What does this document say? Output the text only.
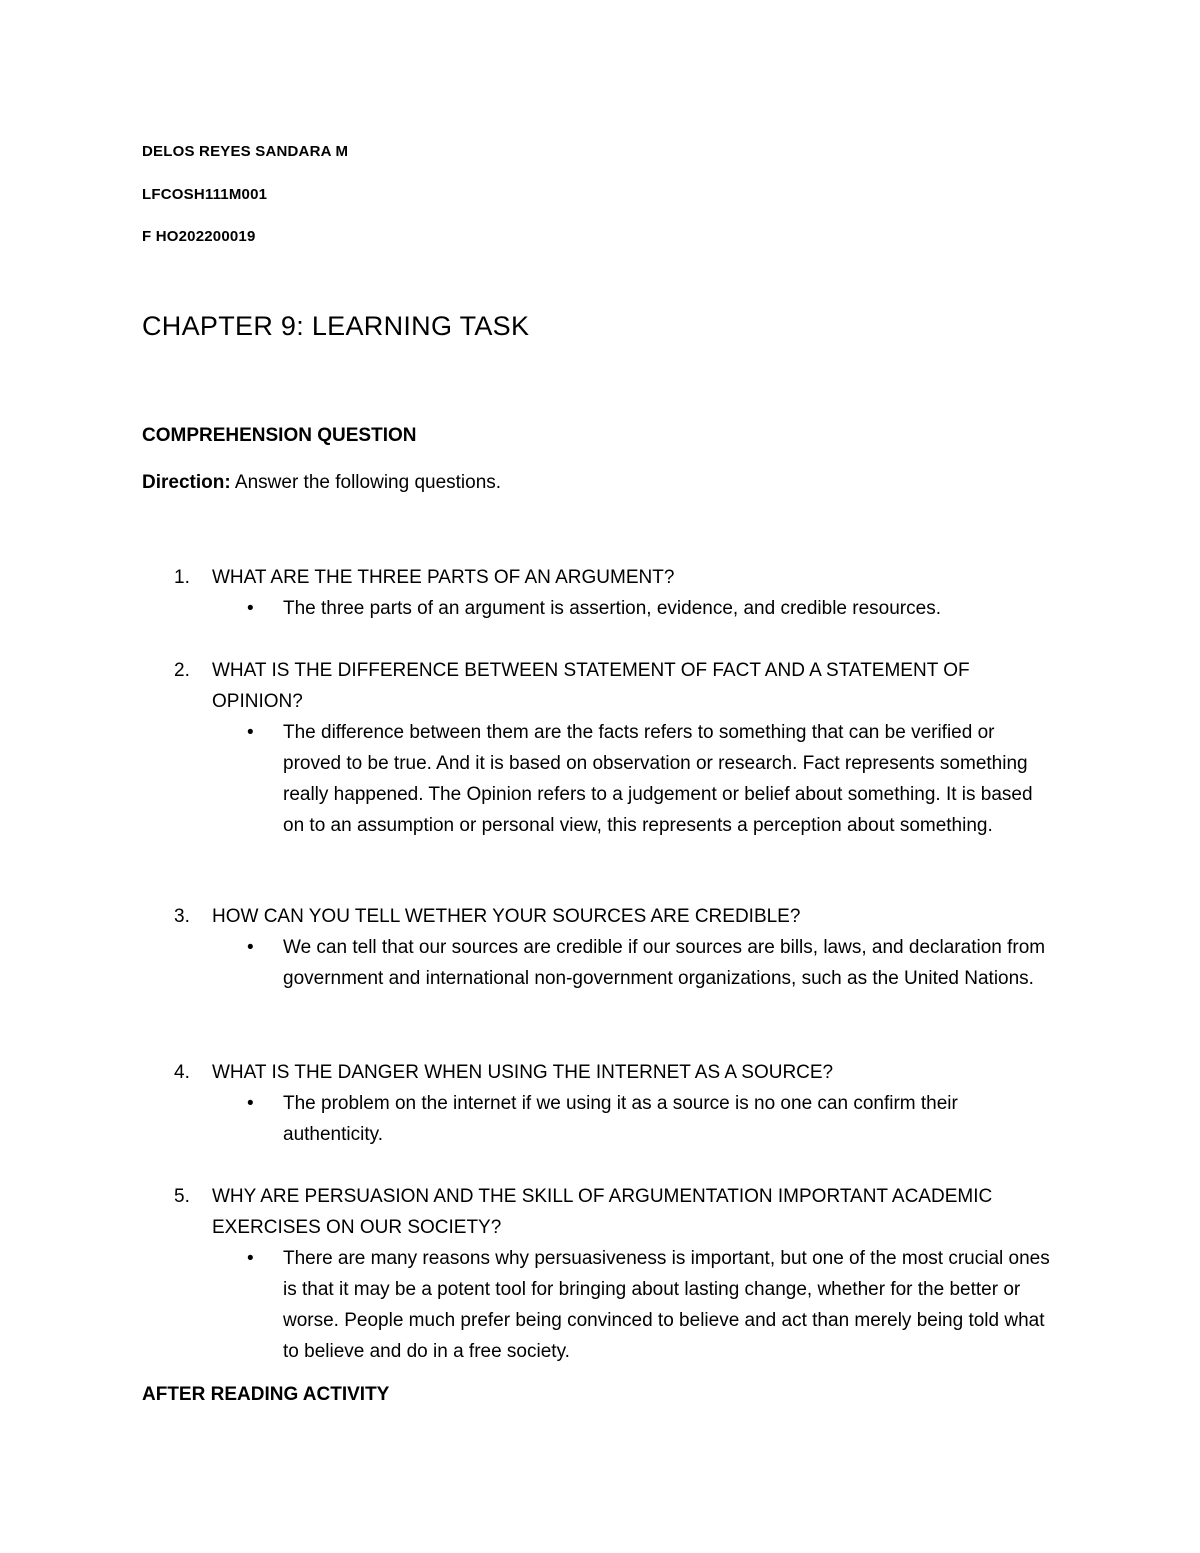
DELOS REYES SANDARA M
LFCOSH111M001
F HO202200019
CHAPTER 9: LEARNING TASK
COMPREHENSION QUESTION
Direction: Answer the following questions.
1. WHAT ARE THE THREE PARTS OF AN ARGUMENT?
• The three parts of an argument is assertion, evidence, and credible resources.
2. WHAT IS THE DIFFERENCE BETWEEN STATEMENT OF FACT AND A STATEMENT OF OPINION?
• The difference between them are the facts refers to something that can be verified or proved to be true. And it is based on observation or research. Fact represents something really happened. The Opinion refers to a judgement or belief about something. It is based on to an assumption or personal view, this represents a perception about something.
3. HOW CAN YOU TELL WETHER YOUR SOURCES ARE CREDIBLE?
• We can tell that our sources are credible if our sources are bills, laws, and declaration from government and international non-government organizations, such as the United Nations.
4. WHAT IS THE DANGER WHEN USING THE INTERNET AS A SOURCE?
• The problem on the internet if we using it as a source is no one can confirm their authenticity.
5. WHY ARE PERSUASION AND THE SKILL OF ARGUMENTATION IMPORTANT ACADEMIC EXERCISES ON OUR SOCIETY?
• There are many reasons why persuasiveness is important, but one of the most crucial ones is that it may be a potent tool for bringing about lasting change, whether for the better or worse. People much prefer being convinced to believe and act than merely being told what to believe and do in a free society.
AFTER READING ACTIVITY
